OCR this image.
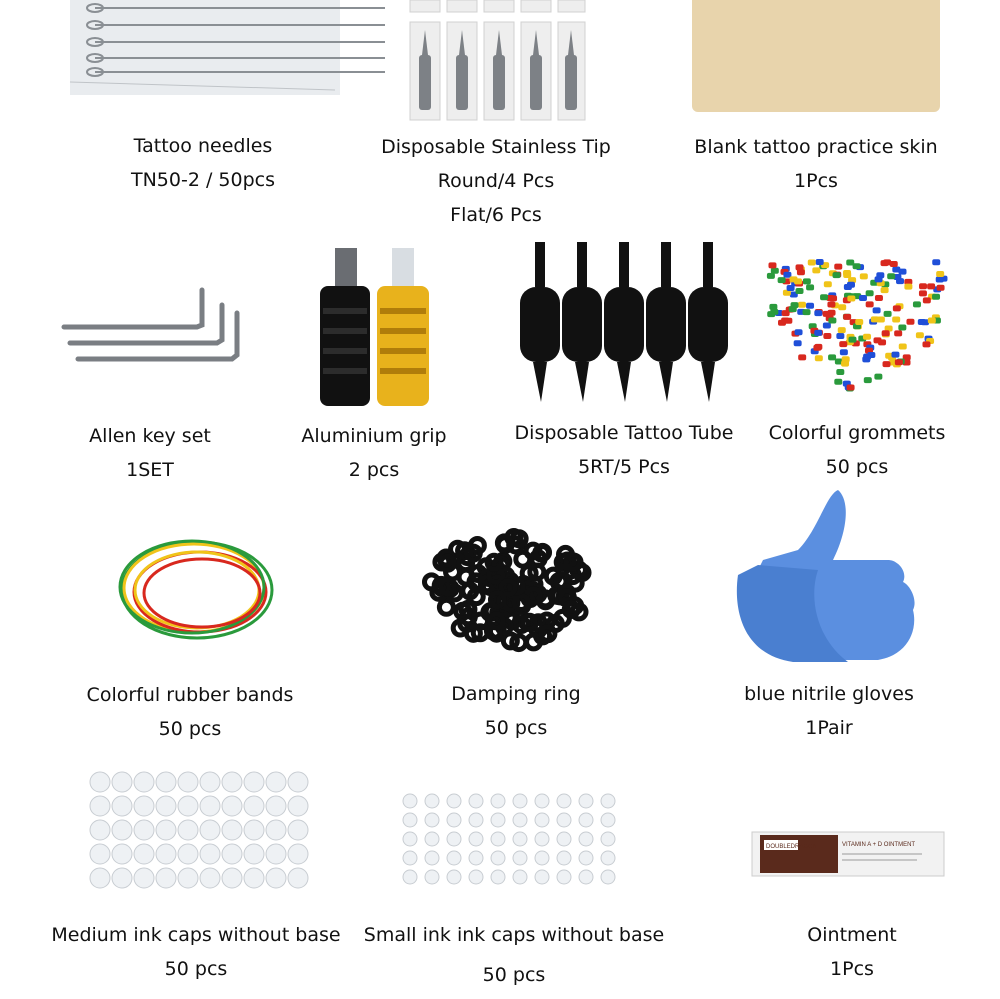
DOUBLEDRAGON	VITAMIN A + D OINTMENT
Tattoo needles
TN50-2 / 50pcs
Disposable Stainless Tip
Round/4 Pcs
Flat/6 Pcs
Blank tattoo practice skin
1Pcs
Allen key set
1SET
Aluminium grip
2 pcs
Disposable Tattoo Tube
5RT/5 Pcs
Colorful grommets
50 pcs
Colorful rubber bands
50 pcs
Damping ring
50 pcs
blue nitrile gloves
1Pair
Medium ink caps without base
50 pcs
Small ink ink caps without base
50 pcs
Ointment
1Pcs
